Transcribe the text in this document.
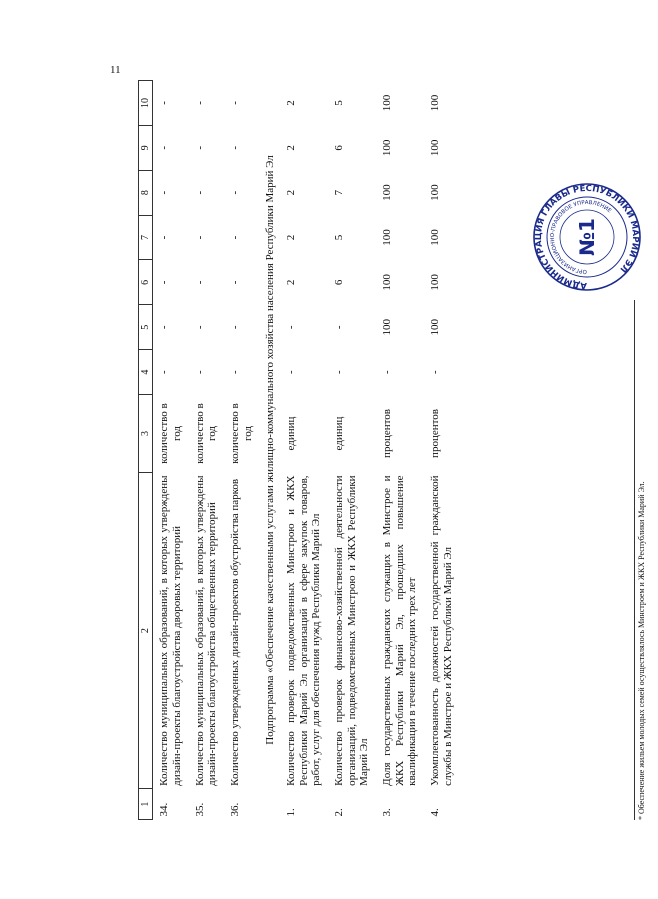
11
1	2	3	4	5	6	7	8	9	10
34.	Количество муниципальных образований, в которых утверждены дизайн-проекты благоустройства дворовых территорий	количество в год	-	-	-	-	-	-	-
35.	Количество муниципальных образований, в которых утверждены дизайн-проекты благоустройства общественных территорий	количество в год	-	-	-	-	-	-	-
36.	Количество утвержденных дизайн-проектов обустройства парков	количество в год	-	-	-	-	-	-	-
Подпрограмма «Обеспечение качественными услугами жилищно-коммунального хозяйства населения Республики Марий Эл									
1.	Количество проверок подведомственных Минстрою и ЖКХ Республики Марий Эл организаций в сфере закупок товаров, работ, услуг для обеспечения нужд Республики Марий Эл	единиц	-	-	2	2	2	2	2
2.	Количество проверок финансово-хозяйственной деятельности организаций, подведомственных Минстрою и ЖКХ Республики Марий Эл	единиц	-	-	6	5	7	6	5
3.	Доля государственных гражданских служащих в Минстрое и ЖКХ Республики Марий Эл, прошедших повышение квалификации в течение последних трех лет	процентов	-	100	100	100	100	100	100
4.	Укомплектованность должностей государственной гражданской службы в Минстрое и ЖКХ Республики Марий Эл	процентов	-	100	100	100	100	100	100
* Обеспечение жильем молодых семей осуществлялось Минстроем и ЖКХ Республики Марий Эл.
АДМИНИСТРАЦИЯ ГЛАВЫ РЕСПУБЛИКИ МАРИЙ ЭЛ
ОРГАНИЗАЦИОННО-ПРАВОВОЕ УПРАВЛЕНИЕ
№1
